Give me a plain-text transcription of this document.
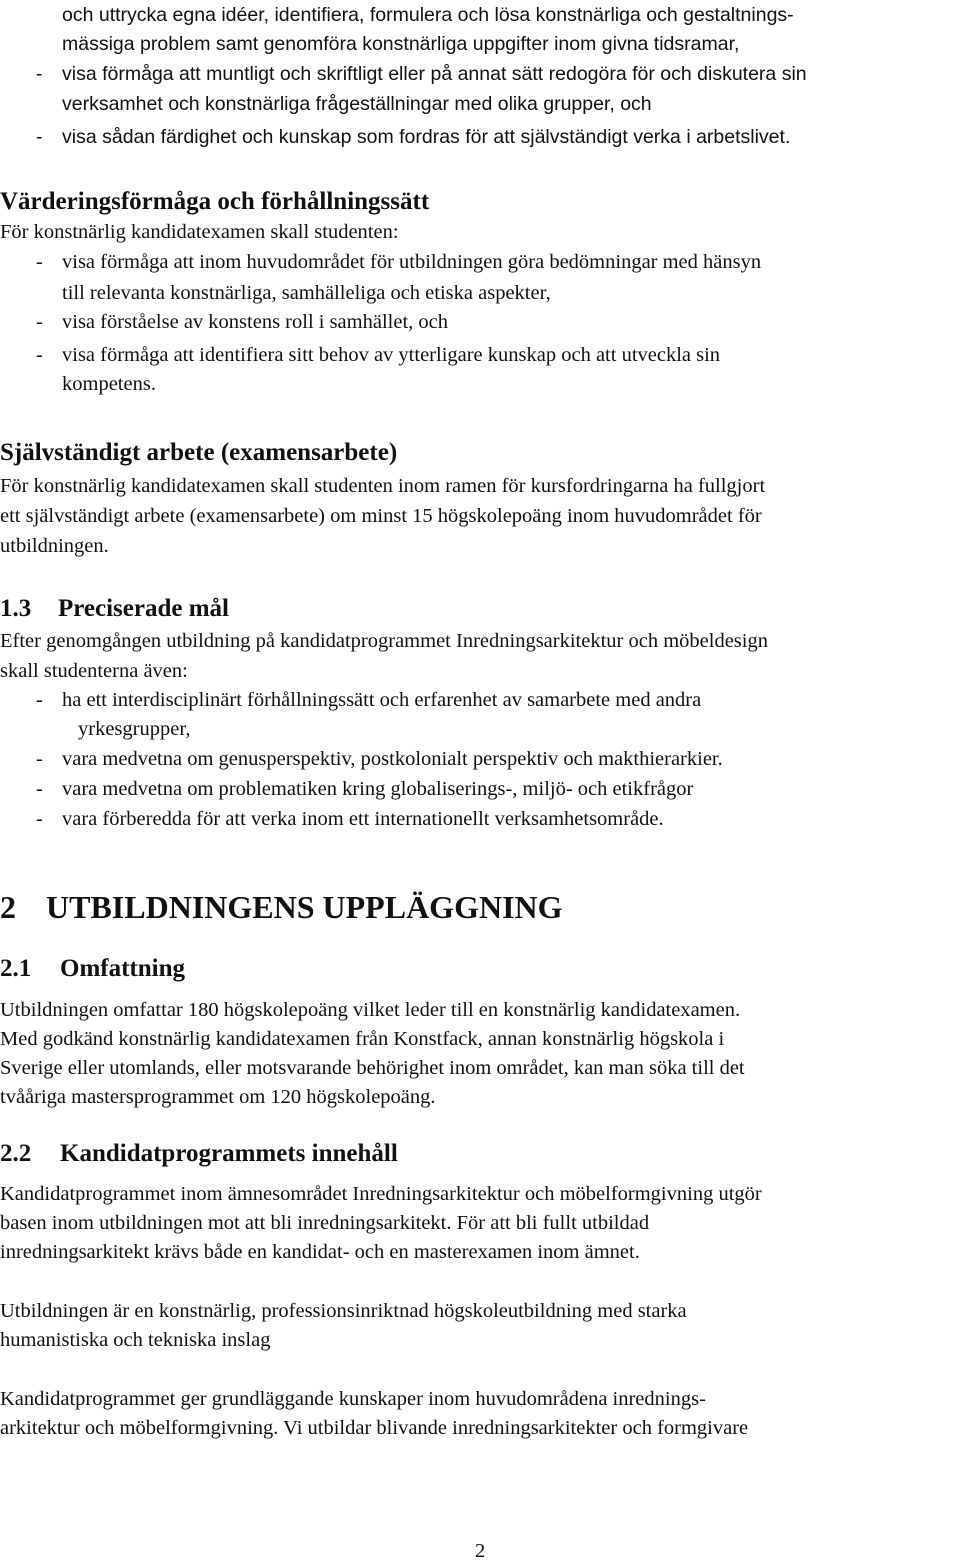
och uttrycka egna idéer, identifiera, formulera och lösa konstnärliga och gestaltnings-
mässiga problem samt genomföra konstnärliga uppgifter inom givna tidsramar,
- visa förmåga att muntligt och skriftligt eller på annat sätt redogöra för och diskutera sin
verksamhet och konstnärliga frågeställningar med olika grupper, och
- visa sådan färdighet och kunskap som fordras för att självständigt verka i arbetslivet.
Värderingsförmåga och förhållningssätt
För konstnärlig kandidatexamen skall studenten:
- visa förmåga att inom huvudområdet för utbildningen göra bedömningar med hänsyn
till relevanta konstnärliga, samhälleliga och etiska aspekter,
- visa förståelse av konstens roll i samhället, och
- visa förmåga att identifiera sitt behov av ytterligare kunskap och att utveckla sin
kompetens.
Självständigt arbete (examensarbete)
För konstnärlig kandidatexamen skall studenten inom ramen för kursfordringarna ha fullgjort
ett självständigt arbete (examensarbete) om minst 15 högskolepoäng inom huvudområdet för
utbildningen.
1.3 Preciserade mål
Efter genomgången utbildning på kandidatprogrammet Inredningsarkitektur och möbeldesign
skall studenterna även:
- ha ett interdisciplinärt förhållningssätt och erfarenhet av samarbete med andra
yrkesgrupper,
- vara medvetna om genusperspektiv, postkolonialt perspektiv och makthierarkier.
- vara medvetna om problematiken kring globaliserings-, miljö- och etikfrågor
- vara förberedda för att verka inom ett internationellt verksamhetsområde.
2 UTBILDNINGENS UPPLÄGGNING
2.1 Omfattning
Utbildningen omfattar 180 högskolepoäng vilket leder till en konstnärlig kandidatexamen.
Med godkänd konstnärlig kandidatexamen från Konstfack, annan konstnärlig högskola i
Sverige eller utomlands, eller motsvarande behörighet inom området, kan man söka till det
tvååriga mastersprogrammet om 120 högskolepoäng.
2.2 Kandidatprogrammets innehåll
Kandidatprogrammet inom ämnesområdet Inredningsarkitektur och möbelformgivning utgör
basen inom utbildningen mot att bli inredningsarkitekt. För att bli fullt utbildad
inredningsarkitekt krävs både en kandidat- och en masterexamen inom ämnet.
Utbildningen är en konstnärlig, professionsinriktnad högskoleutbildning med starka
humanistiska och tekniska inslag
Kandidatprogrammet ger grundläggande kunskaper inom huvudområdena inrednings-
arkitektur och möbelformgivning. Vi utbildar blivande inredningsarkitekter och formgivare
2
